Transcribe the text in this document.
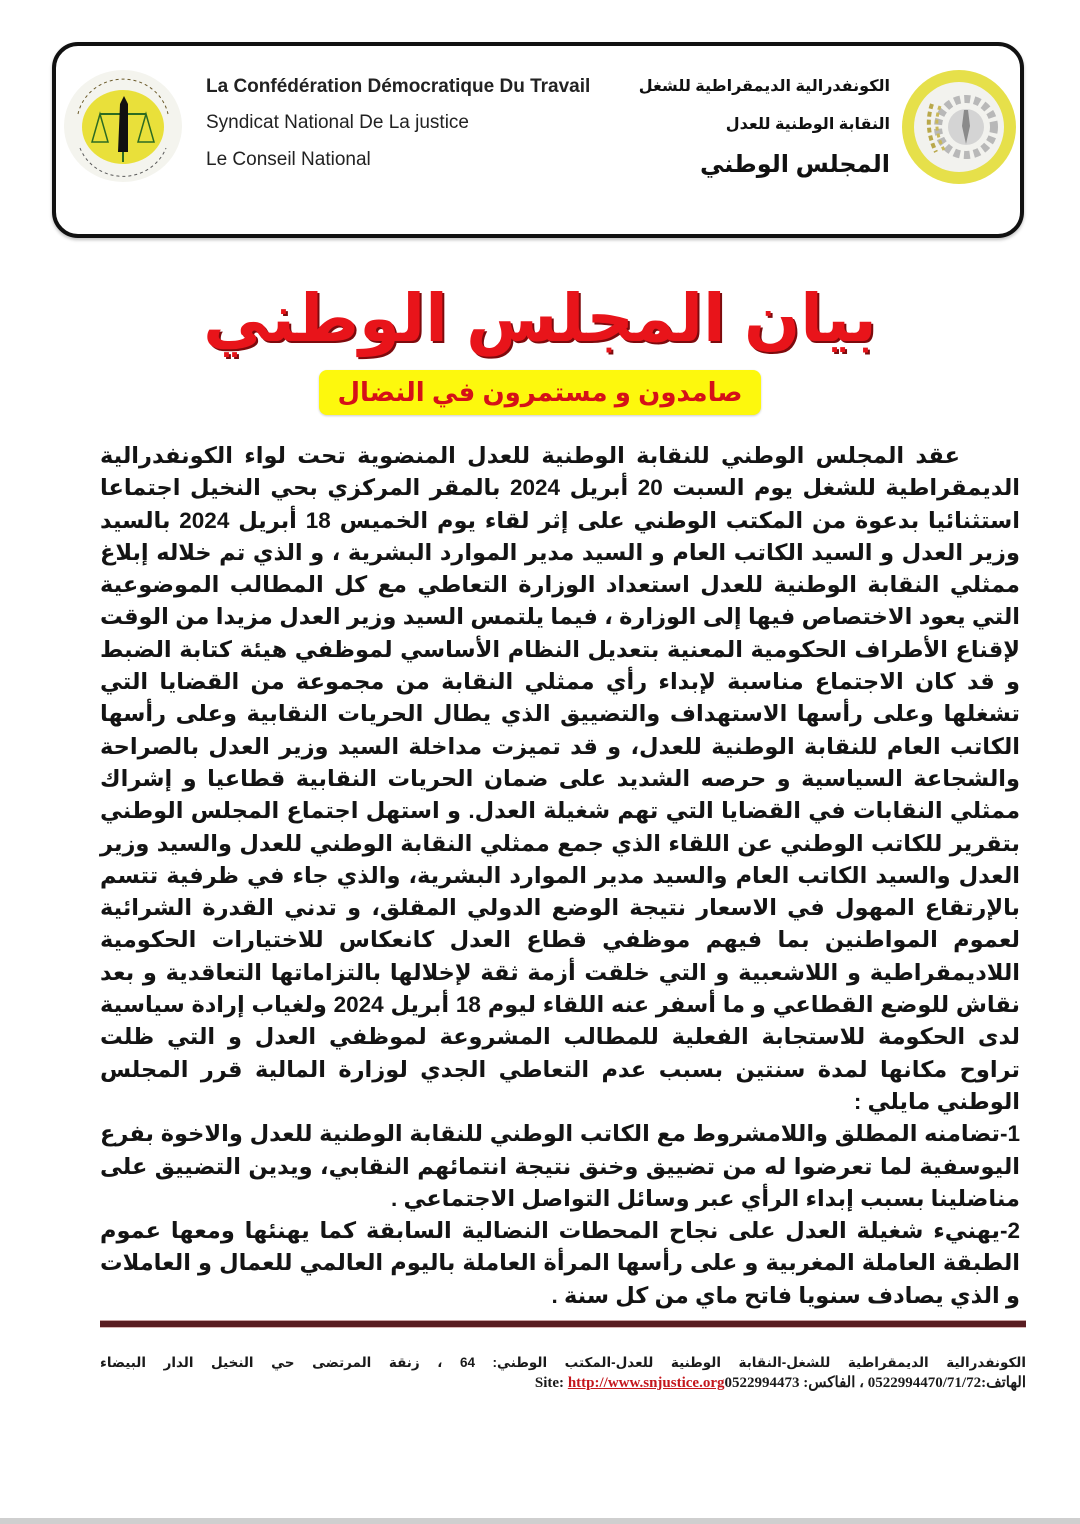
La Confédération Démocratique Du Travail
Syndicat National De La justice
Le Conseil National
الكونفدرالية الديمقراطية للشغل
النقابة الوطنية للعدل
المجلس الوطني
بيان المجلس الوطني
صامدون و مستمرون في النضال

عقد المجلس الوطني للنقابة الوطنية للعدل المنضوية تحت لواء الكونفدرالية الديمقراطية للشغل يوم السبت 20 أبريل 2024 بالمقر المركزي بحي النخيل اجتماعا استثنائيا بدعوة من المكتب الوطني على إثر لقاء يوم الخميس 18 أبريل 2024 بالسيد وزير العدل و السيد الكاتب العام و السيد مدير الموارد البشرية ، و الذي تم خلاله إبلاغ ممثلي النقابة الوطنية للعدل استعداد الوزارة التعاطي مع كل المطالب الموضوعية التي يعود الاختصاص فيها إلى الوزارة ، فيما يلتمس السيد وزير العدل مزيدا من الوقت لإقناع الأطراف الحكومية المعنية بتعديل النظام الأساسي لموظفي هيئة كتابة الضبط و قد كان الاجتماع مناسبة لإبداء رأي ممثلي النقابة من مجموعة من القضايا التي تشغلها وعلى رأسها الاستهداف والتضييق الذي يطال الحريات النقابية وعلى رأسها الكاتب العام للنقابة الوطنية للعدل، و قد تميزت مداخلة السيد وزير العدل بالصراحة والشجاعة السياسية و حرصه الشديد على ضمان الحريات النقابية قطاعيا و إشراك ممثلي النقابات في القضايا التي تهم شغيلة العدل. و استهل اجتماع المجلس الوطني بتقرير للكاتب الوطني عن اللقاء الذي جمع ممثلي النقابة الوطني للعدل والسيد وزير العدل والسيد الكاتب العام والسيد مدير الموارد البشرية، والذي جاء في ظرفية تتسم بالإرتقاع المهول في الاسعار نتيجة الوضع الدولي المقلق، و تدني القدرة الشرائية لعموم المواطنين بما فيهم موظفي قطاع العدل كانعكاس للاختيارات الحكومية اللاديمقراطية و اللاشعبية و التي خلقت أزمة ثقة لإخلالها بالتزاماتها التعاقدية و بعد نقاش للوضع القطاعي و ما أسفر عنه اللقاء ليوم 18 أبريل 2024 ولغياب إرادة سياسية لدى الحكومة للاستجابة الفعلية للمطالب المشروعة لموظفي العدل و التي ظلت تراوح مكانها لمدة سنتين بسبب عدم التعاطي الجدي لوزارة المالية قرر المجلس الوطني مايلي :

1-تضامنه المطلق واللامشروط مع الكاتب الوطني للنقابة الوطنية للعدل والاخوة بفرع اليوسفية لما تعرضوا له من تضييق وخنق نتيجة انتمائهم النقابي، ويدين التضييق على مناضلينا بسبب إبداء الرأي عبر وسائل التواصل الاجتماعي .

2-يهنيء شغيلة العدل على نجاح المحطات النضالية السابقة كما يهنئها ومعها عموم الطبقة العاملة المغربية و على رأسها المرأة العاملة باليوم العالمي للعمال و العاملات و الذي يصادف سنويا فاتح ماي من كل سنة .

الكونفدرالية الديمقراطية للشغل-النقابة الوطنية للعدل-المكتب الوطني: 64 ، زنقة المرتضى حي النخيل الدار البيضاء
الهاتف:0522994470/71/72 ، الفاكس: Site: http://www.snjustice.org0522994473
